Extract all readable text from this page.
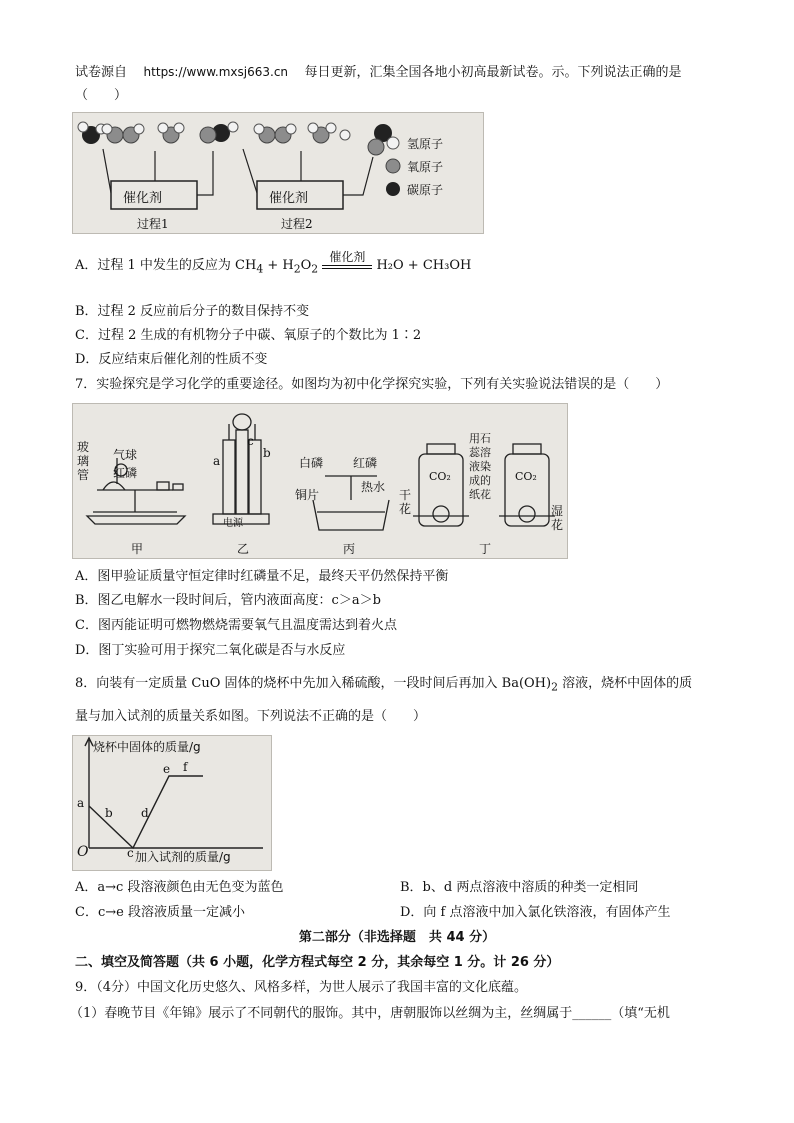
试卷源自 https://www.mxsj663.cn 每日更新，汇集全国各地小初高最新试卷。示。下列说法正确的是
（　　）
催化剂	催化剂
过程1	过程2
氢原子
氧原子
碳原子
A．过程 1 中发生的反应为 $CH_4 + H_2O_2$
催化剂
H₂O + CH₃OH
B．过程 2 反应前后分子的数目保持不变
C．过程 2 生成的有机物分子中碳、氧原子的个数比为 1∶2
D．反应结束后催化剂的性质不变
7．实验探究是学习化学的重要途径。如图均为初中化学探究实验，下列有关实验说法错误的是（　　）
玻璃管
气球
红磷
a
b
c
电源
白磷 红磷
铜片
热水
CO₂	CO₂
干花
用石蕊溶液染成的纸花
湿花
甲	乙	丙	丁
A．图甲验证质量守恒定律时红磷量不足，最终天平仍然保持平衡
B．图乙电解水一段时间后，管内液面高度：c＞a＞b
C．图丙能证明可燃物燃烧需要氧气且温度需达到着火点
D．图丁实验可用于探究二氧化碳是否与水反应
8．向装有一定质量 CuO 固体的烧杯中先加入稀硫酸，一段时间后再加入 $Ba(OH)_2$ 溶液，烧杯中固体的质
量与加入试剂的质量关系如图。下列说法不正确的是（　　）
烧杯中固体的质量/g
加入试剂的质量/g
O
a
b
c
d
e f
A．a→c 段溶液颜色由无色变为蓝色	B．b、d 两点溶液中溶质的种类一定相同
C．c→e 段溶液质量一定减小	D．向 f 点溶液中加入氯化铁溶液，有固体产生
第二部分（非选择题　共 44 分）
二、填空及简答题（共 6 小题，化学方程式每空 2 分，其余每空 1 分。计 26 分）
9．（4分）中国文化历史悠久、风格多样，为世人展示了我国丰富的文化底蕴。
（1）春晚节目《年锦》展示了不同朝代的服饰。其中，唐朝服饰以丝绸为主，丝绸属于______（填“无机
